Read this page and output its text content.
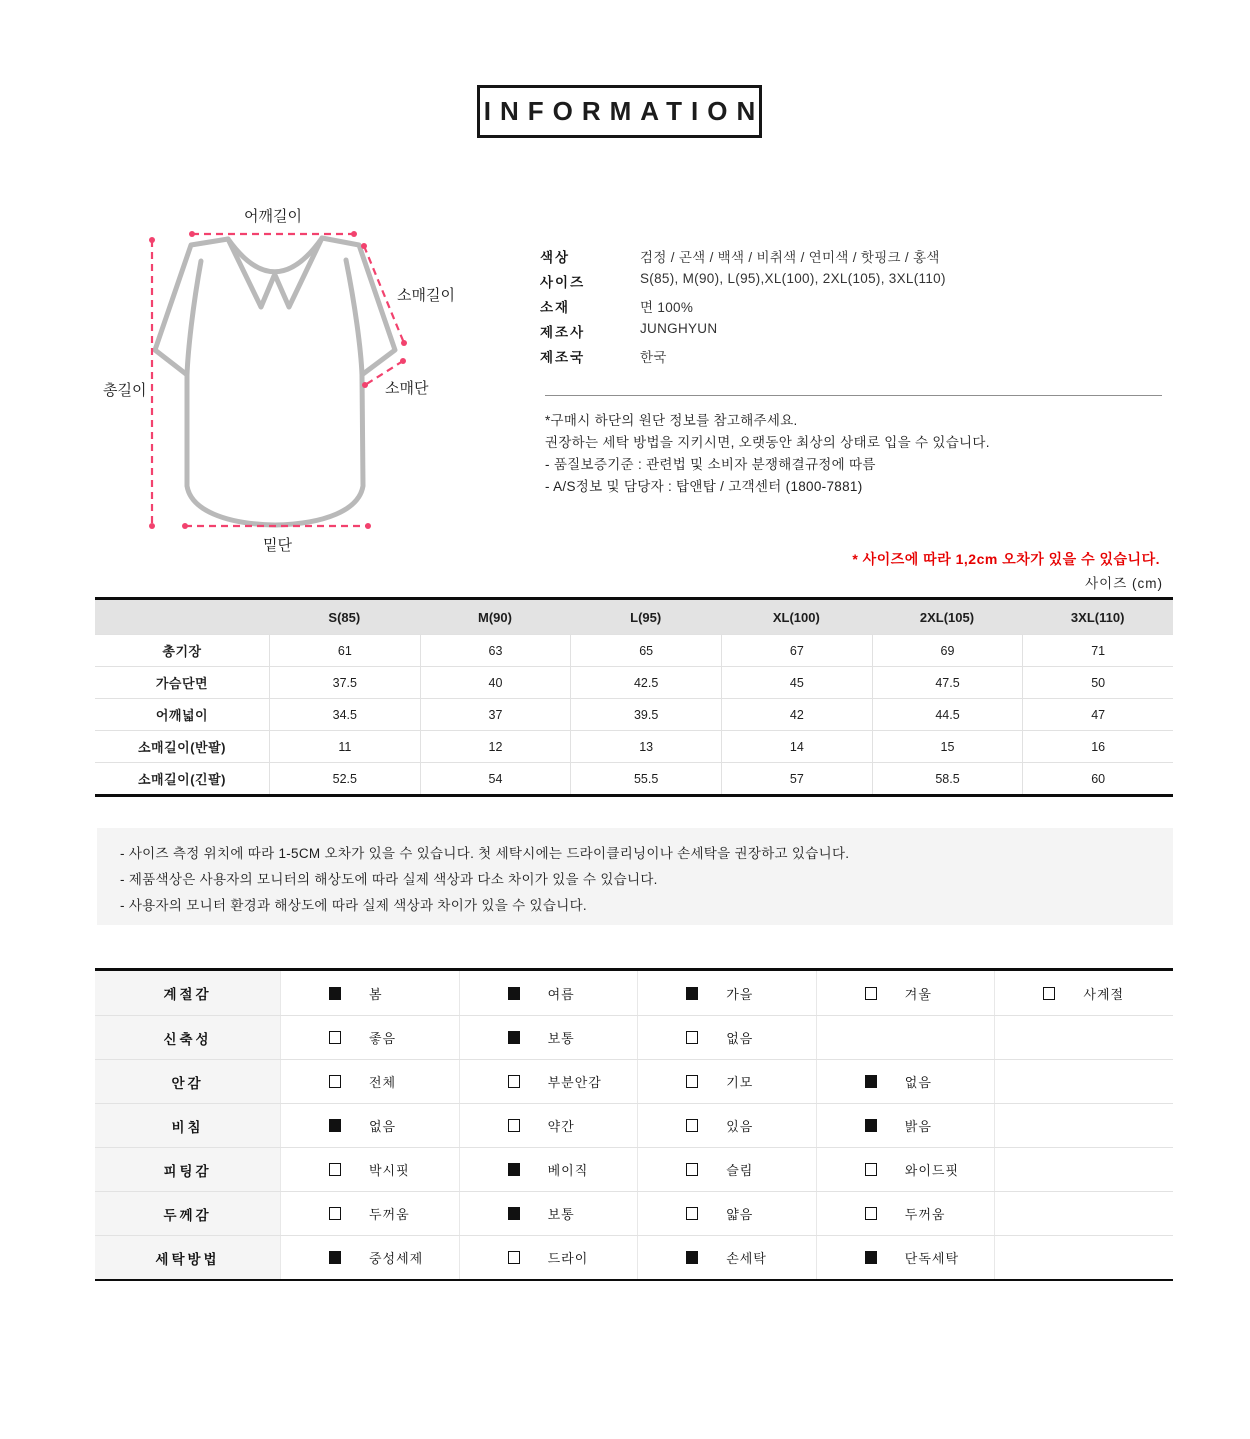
INFORMATION
어깨길이
소매길이
총길이	소매단
밑단
색상	검정 / 곤색 / 백색 / 비취색 / 연미색 / 핫핑크 / 홍색
사이즈	S(85), M(90), L(95),XL(100), 2XL(105), 3XL(110)
소재	면 100%
제조사	JUNGHYUN
제조국	한국
*구매시 하단의 원단 정보를 참고해주세요.
권장하는 세탁 방법을 지키시면, 오랫동안 최상의 상태로 입을 수 있습니다.
- 품질보증기준 : 관련법 및 소비자 분쟁해결규정에 따름
- A/S정보 및 담당자 : 탑앤탑 / 고객센터 (1800-7881)
* 사이즈에 따라 1,2cm 오차가 있을 수 있습니다.
사이즈 (cm)
S(85)	M(90)	L(95)	XL(100)	2XL(105)	3XL(110)
총기장	61	63	65	67	69	71
가슴단면	37.5	40	42.5	45	47.5	50
어깨넓이	34.5	37	39.5	42	44.5	47
소매길이(반팔)	11	12	13	14	15	16
소매길이(긴팔)	52.5	54	55.5	57	58.5	60
- 사이즈 측정 위치에 따라 1-5CM 오차가 있을 수 있습니다. 첫 세탁시에는 드라이클리닝이나 손세탁을 권장하고 있습니다.
- 제품색상은 사용자의 모니터의 해상도에 따라 실제 색상과 다소 차이가 있을 수 있습니다.
- 사용자의 모니터 환경과 해상도에 따라 실제 색상과 차이가 있을 수 있습니다.
계절감	봄	여름	가을	겨울	사계절
신축성	좋음	보통	없음
안감	전체	부분안감	기모	없음
비침	없음	약간	있음	밝음
피팅감	박시핏	베이직	슬림	와이드핏
두께감	두꺼움	보통	얇음	두꺼움
세탁방법	중성세제	드라이	손세탁	단독세탁
